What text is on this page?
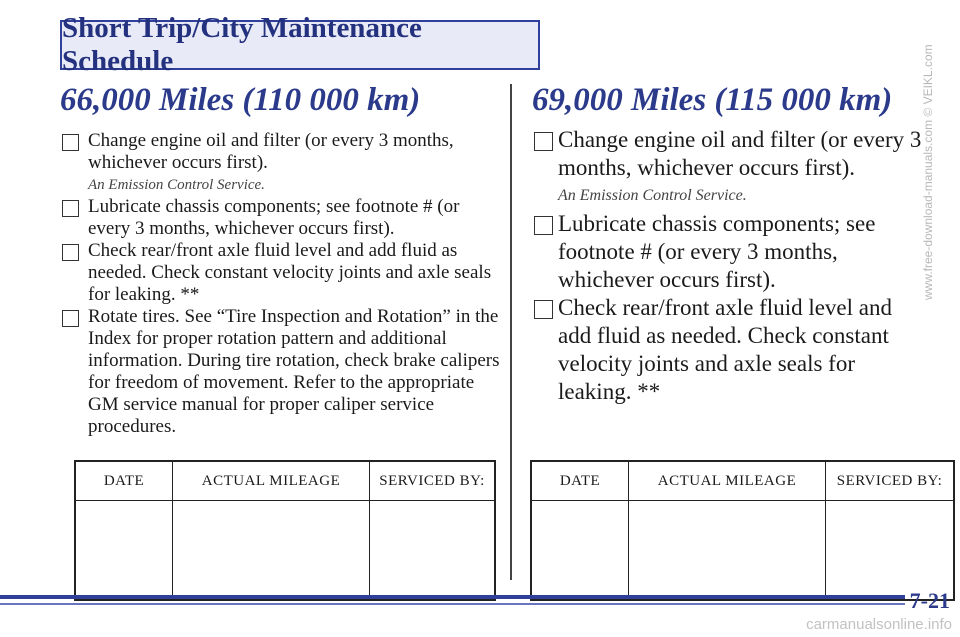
Short Trip/City Maintenance Schedule
66,000 Miles (110 000 km)	69,000 Miles (115 000 km)
Change engine oil and filter (or every 3 months, whichever occurs first).
An Emission Control Service.
Lubricate chassis components; see footnote # (or every 3 months, whichever occurs first).
Check rear/front axle fluid level and add fluid as needed. Check constant velocity joints and axle seals for leaking. **
Rotate tires. See “Tire Inspection and Rotation” in the Index for proper rotation pattern and additional information. During tire rotation, check brake calipers for freedom of movement. Refer to the appropriate GM service manual for proper caliper service procedures.
Change engine oil and filter (or every 3 months, whichever occurs first).
An Emission Control Service.
Lubricate chassis components; see footnote # (or every 3 months, whichever occurs first).
Check rear/front axle fluid level and add fluid as needed. Check constant velocity joints and axle seals for leaking. **
DATE	ACTUAL MILEAGE	SERVICED BY:
			DATE	ACTUAL MILEAGE	SERVICED BY:

7-21
www.free-download-manuals.com © VEIKL.com
carmanualsonline.info
